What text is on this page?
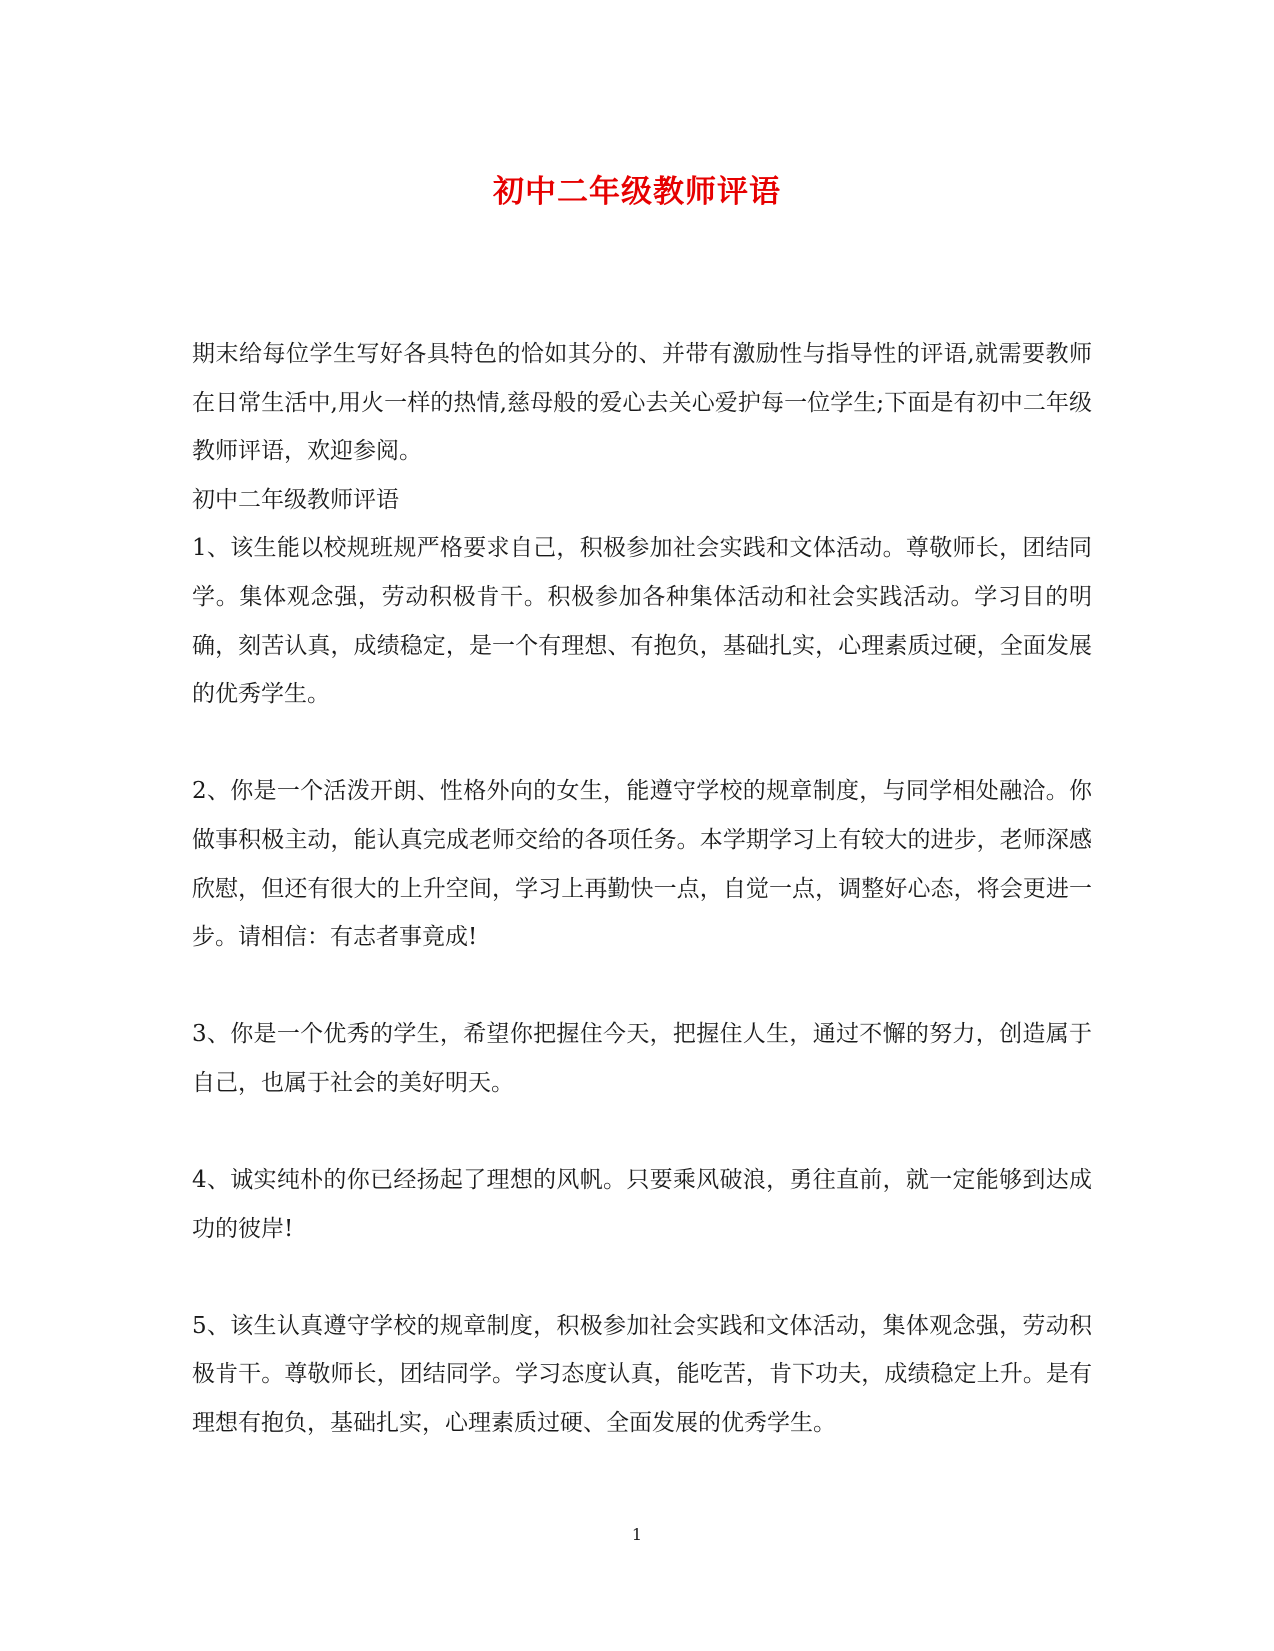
初中二年级教师评语

期末给每位学生写好各具特色的恰如其分的、并带有激励性与指导性的评语,就需要教师在日常生活中,用火一样的热情,慈母般的爱心去关心爱护每一位学生;下面是有初中二年级教师评语，欢迎参阅。

初中二年级教师评语

1、该生能以校规班规严格要求自己，积极参加社会实践和文体活动。尊敬师长，团结同学。集体观念强，劳动积极肯干。积极参加各种集体活动和社会实践活动。学习目的明确，刻苦认真，成绩稳定，是一个有理想、有抱负，基础扎实，心理素质过硬，全面发展的优秀学生。

2、你是一个活泼开朗、性格外向的女生，能遵守学校的规章制度，与同学相处融洽。你做事积极主动，能认真完成老师交给的各项任务。本学期学习上有较大的进步，老师深感欣慰，但还有很大的上升空间，学习上再勤快一点，自觉一点，调整好心态，将会更进一步。请相信：有志者事竟成!

3、你是一个优秀的学生，希望你把握住今天，把握住人生，通过不懈的努力，创造属于自己，也属于社会的美好明天。

4、诚实纯朴的你已经扬起了理想的风帆。只要乘风破浪，勇往直前，就一定能够到达成功的彼岸!

5、该生认真遵守学校的规章制度，积极参加社会实践和文体活动，集体观念强，劳动积极肯干。尊敬师长，团结同学。学习态度认真，能吃苦，肯下功夫，成绩稳定上升。是有理想有抱负，基础扎实，心理素质过硬、全面发展的优秀学生。

1
